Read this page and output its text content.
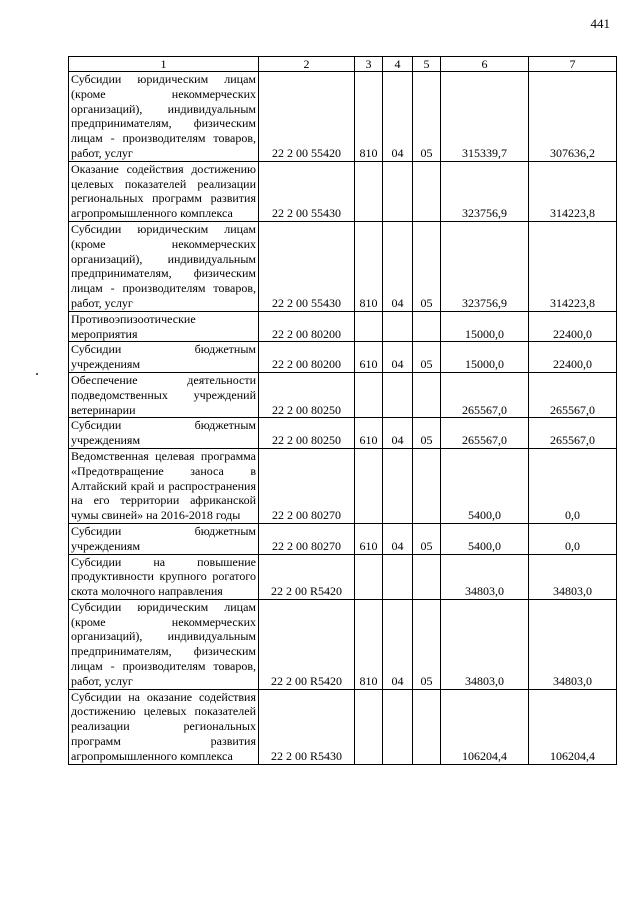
441
1	2	3	4	5	6	7
Субсидии юридическим лицам (кроме некоммерческих организаций), индивидуальным предпринимателям, физическим лицам - производителям товаров, работ, услуг	22 2 00 55420	810	04	05	315339,7	307636,2
Оказание содействия достижению целевых показателей реализации региональных программ развития агропромышленного комплекса	22 2 00 55430				323756,9	314223,8
Субсидии юридическим лицам (кроме некоммерческих организаций), индивидуальным предпринимателям, физическим лицам - производителям товаров, работ, услуг	22 2 00 55430	810	04	05	323756,9	314223,8
Противоэпизоотические мероприятия	22 2 00 80200				15000,0	22400,0
Субсидии бюджетным учреждениям	22 2 00 80200	610	04	05	15000,0	22400,0
Обеспечение деятельности подведомственных учреждений ветеринарии	22 2 00 80250				265567,0	265567,0
Субсидии бюджетным учреждениям	22 2 00 80250	610	04	05	265567,0	265567,0
Ведомственная целевая программа «Предотвращение заноса в Алтайский край и распространения на его территории африканской чумы свиней» на 2016-2018 годы	22 2 00 80270				5400,0	0,0
Субсидии бюджетным учреждениям	22 2 00 80270	610	04	05	5400,0	0,0
Субсидии на повышение продуктивности крупного рогатого скота молочного направления	22 2 00 R5420				34803,0	34803,0
Субсидии юридическим лицам (кроме некоммерческих организаций), индивидуальным предпринимателям, физическим лицам - производителям товаров, работ, услуг	22 2 00 R5420	810	04	05	34803,0	34803,0
Субсидии на оказание содействия достижению целевых показателей реализации региональных программ развития агропромышленного комплекса	22 2 00 R5430				106204,4	106204,4
